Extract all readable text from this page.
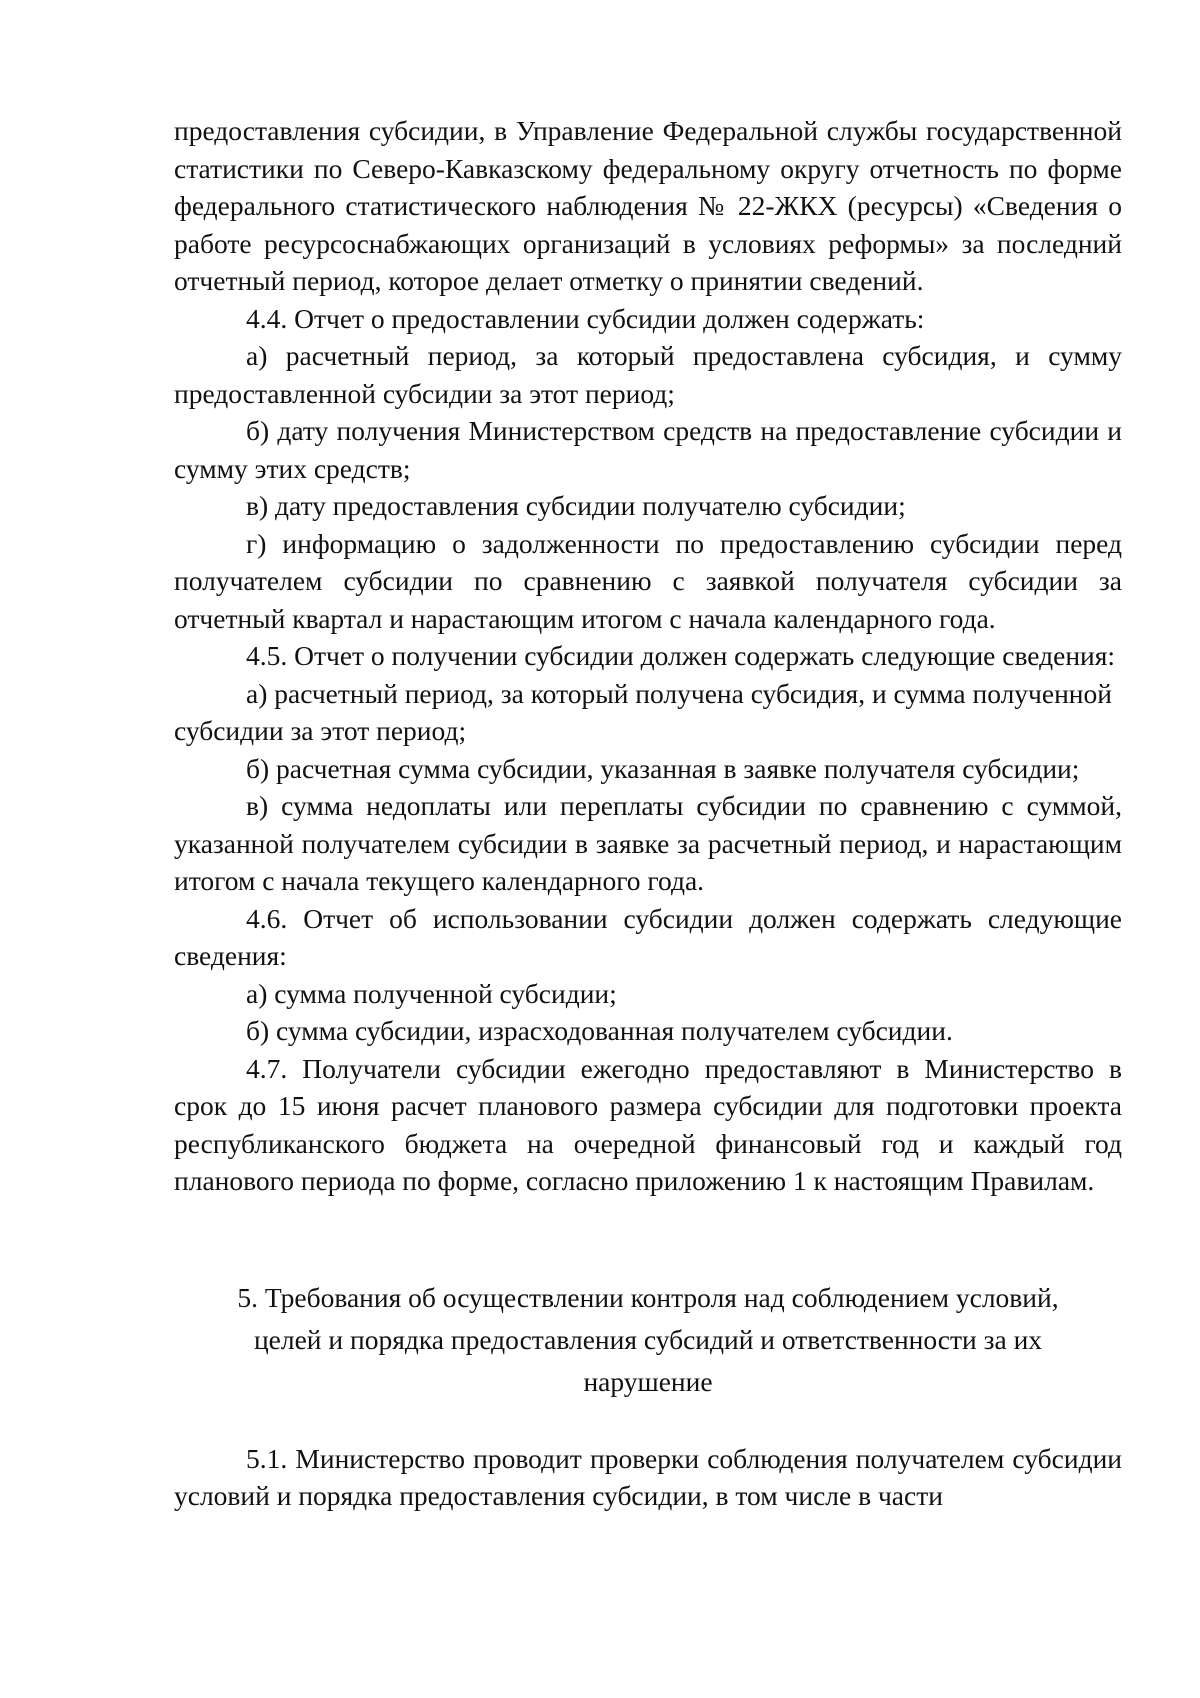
предоставления субсидии, в Управление Федеральной службы государственной статистики по Северо-Кавказскому федеральному округу отчетность по форме федерального статистического наблюдения № 22-ЖКХ (ресурсы) «Сведения о работе ресурсоснабжающих организаций в условиях реформы» за последний отчетный период, которое делает отметку о принятии сведений.

4.4. Отчет о предоставлении субсидии должен содержать:

а) расчетный период, за который предоставлена субсидия, и сумму предоставленной субсидии за этот период;

б) дату получения Министерством средств на предоставление субсидии и сумму этих средств;

в) дату предоставления субсидии получателю субсидии;

г) информацию о задолженности по предоставлению субсидии перед получателем субсидии по сравнению с заявкой получателя субсидии за отчетный квартал и нарастающим итогом с начала календарного года.

4.5. Отчет о получении субсидии должен содержать следующие сведения:

а) расчетный период, за который получена субсидия, и сумма полученной субсидии за этот период;

б) расчетная сумма субсидии, указанная в заявке получателя субсидии;

в) сумма недоплаты или переплаты субсидии по сравнению с суммой, указанной получателем субсидии в заявке за расчетный период, и нарастающим итогом с начала текущего календарного года.

4.6. Отчет об использовании субсидии должен содержать следующие сведения:

а) сумма полученной субсидии;

б) сумма субсидии, израсходованная получателем субсидии.

4.7. Получатели субсидии ежегодно предоставляют в Министерство в срок до 15 июня расчет планового размера субсидии для подготовки проекта республиканского бюджета на очередной финансовый год и каждый год планового периода по форме, согласно приложению 1 к настоящим Правилам.

5. Требования об осуществлении контроля над соблюдением условий,
целей и порядка предоставления субсидий и ответственности за их
нарушение

5.1. Министерство проводит проверки соблюдения получателем субсидии условий и порядка предоставления субсидии, в том числе в части
